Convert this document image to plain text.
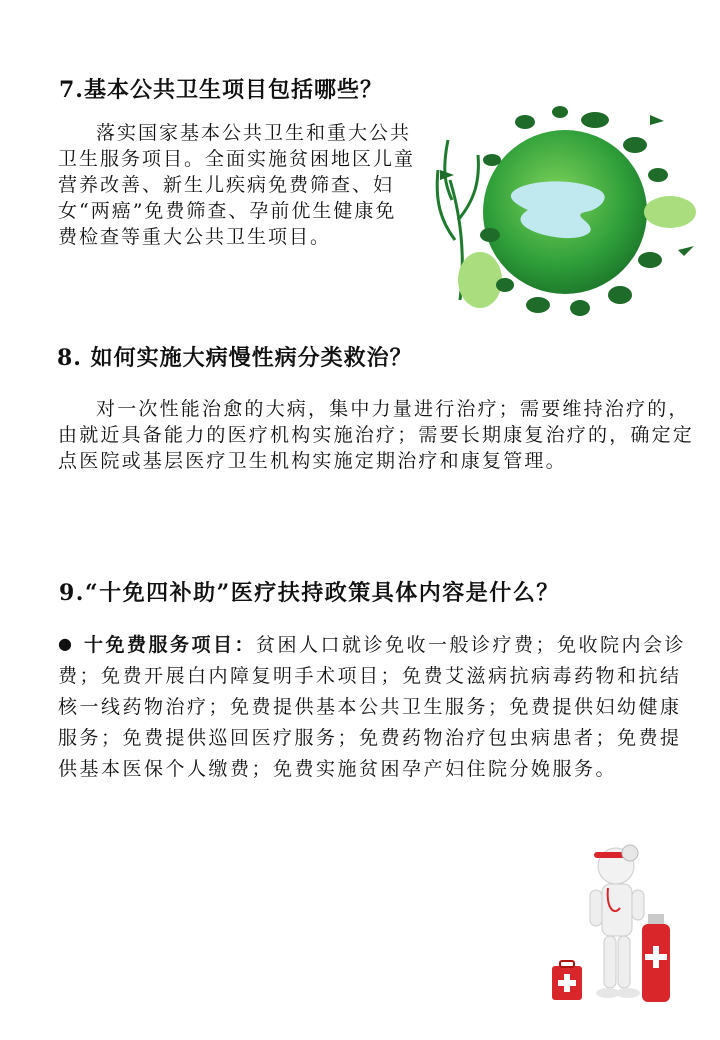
7.基本公共卫生项目包括哪些？
落实国家基本公共卫生和重大公共卫生服务项目。全面实施贫困地区儿童营养改善、新生儿疾病免费筛查、妇女“两癌”免费筛查、孕前优生健康免费检查等重大公共卫生项目。
8. 如何实施大病慢性病分类救治？
对一次性能治愈的大病，集中力量进行治疗；需要维持治疗的，由就近具备能力的医疗机构实施治疗；需要长期康复治疗的，确定定点医院或基层医疗卫生机构实施定期治疗和康复管理。
9.“十免四补助”医疗扶持政策具体内容是什么？
● 十免费服务项目：贫困人口就诊免收一般诊疗费；免收院内会诊费；免费开展白内障复明手术项目；免费艾滋病抗病毒药物和抗结核一线药物治疗；免费提供基本公共卫生服务；免费提供妇幼健康服务；免费提供巡回医疗服务；免费药物治疗包虫病患者；免费提供基本医保个人缴费；免费实施贫困孕产妇住院分娩服务。
